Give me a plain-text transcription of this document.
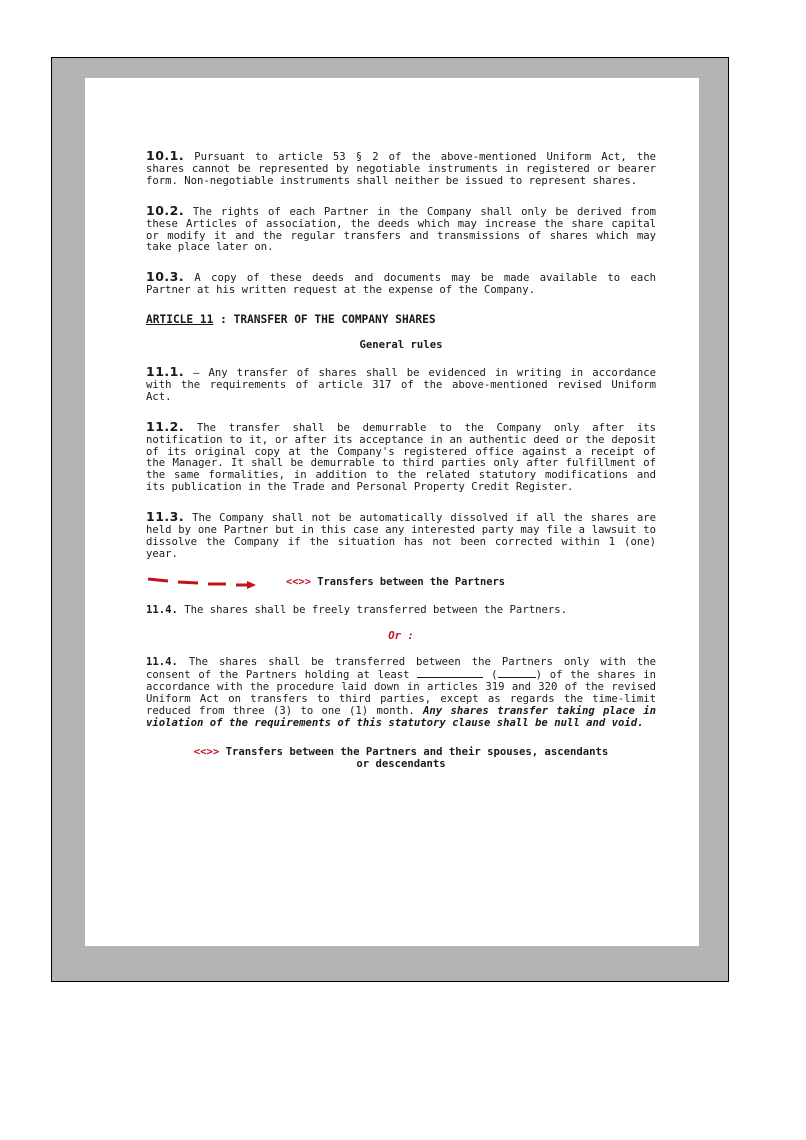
10.1. Pursuant to article 53 § 2 of the above-mentioned Uniform Act, the shares cannot be represented by negotiable instruments in registered or bearer form. Non-negotiable instruments shall neither be issued to represent shares.

10.2. The rights of each Partner in the Company shall only be derived from these Articles of association, the deeds which may increase the share capital or modify it and the regular transfers and transmissions of shares which may take place later on.

10.3. A copy of these deeds and documents may be made available to each Partner at his written request at the expense of the Company.

ARTICLE 11 : TRANSFER OF THE COMPANY SHARES

General rules

11.1. – Any transfer of shares shall be evidenced in writing in accordance with the requirements of article 317 of the above-mentioned revised Uniform Act.

11.2. The transfer shall be demurrable to the Company only after its notification to it, or after its acceptance in an authentic deed or the deposit of its original copy at the Company's registered office against a receipt of the Manager. It shall be demurrable to third parties only after fulfillment of the same formalities, in addition to the related statutory modifications and its publication in the Trade and Personal Property Credit Register.

11.3. The Company shall not be automatically dissolved if all the shares are held by one Partner but in this case any interested party may file a lawsuit to dissolve the Company if the situation has not been corrected within 1 (one) year.

<<>> Transfers between the Partners

11.4. The shares shall be freely transferred between the Partners.

Or :

11.4. The shares shall be transferred between the Partners only with the consent of the Partners holding at least	(	) of the shares in accordance with the procedure laid down in articles 319 and 320 of the revised Uniform Act on transfers to third parties, except as regards the time-limit reduced from three (3) to one (1) month. Any shares transfer taking place in violation of the requirements of this statutory clause shall be null and void.

<<>> Transfers between the Partners and their spouses, ascendants

or descendants
